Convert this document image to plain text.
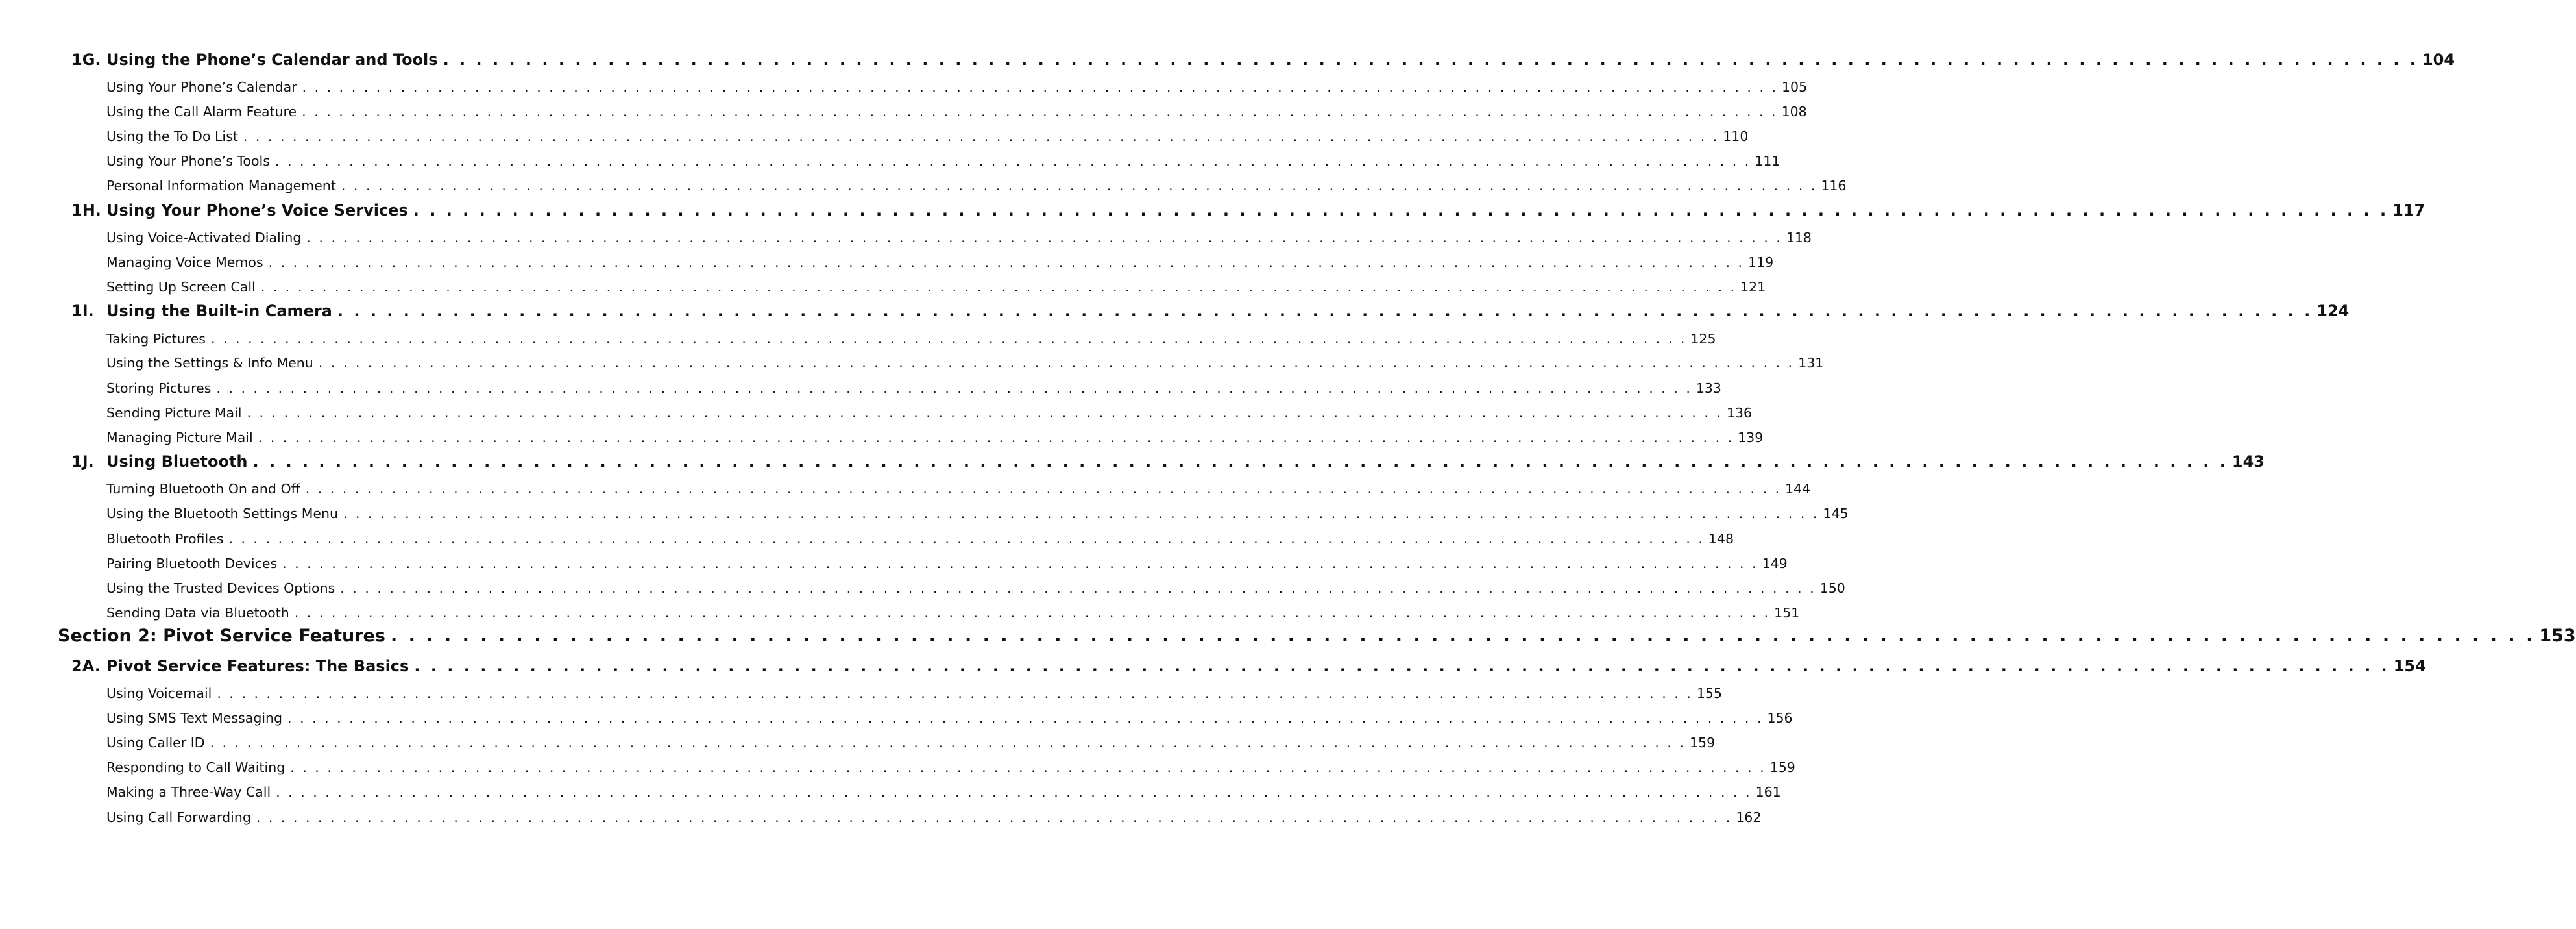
1G. Using the Phone’s Calendar and Tools . . . . . . . . . . . . . . . . . . . . . . . . . . . . . . . . . . . . . . . . . . . . . . . . . . . . . . . . . . . . . . . . . . . . . . . . . . . . . . . . . . . . . . . . . . . . . . . . . . . . . . . . . . . . . . . . . . . . . . . . 104
Using Your Phone’s Calendar . . . . . . . . . . . . . . . . . . . . . . . . . . . . . . . . . . . . . . . . . . . . . . . . . . . . . . . . . . . . . . . . . . . . . . . . . . . . . . . . . . . . . . . . . . . . . . . . . . . . . . . . . . . . . . . . . . . . . . . . 105
Using the Call Alarm Feature . . . . . . . . . . . . . . . . . . . . . . . . . . . . . . . . . . . . . . . . . . . . . . . . . . . . . . . . . . . . . . . . . . . . . . . . . . . . . . . . . . . . . . . . . . . . . . . . . . . . . . . . . . . . . . . . . . . . . . . . 108
Using the To Do List . . . . . . . . . . . . . . . . . . . . . . . . . . . . . . . . . . . . . . . . . . . . . . . . . . . . . . . . . . . . . . . . . . . . . . . . . . . . . . . . . . . . . . . . . . . . . . . . . . . . . . . . . . . . . . . . . . . . . . . . 110
Using Your Phone’s Tools . . . . . . . . . . . . . . . . . . . . . . . . . . . . . . . . . . . . . . . . . . . . . . . . . . . . . . . . . . . . . . . . . . . . . . . . . . . . . . . . . . . . . . . . . . . . . . . . . . . . . . . . . . . . . . . . . . . . . . . . 111
Personal Information Management . . . . . . . . . . . . . . . . . . . . . . . . . . . . . . . . . . . . . . . . . . . . . . . . . . . . . . . . . . . . . . . . . . . . . . . . . . . . . . . . . . . . . . . . . . . . . . . . . . . . . . . . . . . . . . . . . . . . . . . . 116
1H. Using Your Phone’s Voice Services . . . . . . . . . . . . . . . . . . . . . . . . . . . . . . . . . . . . . . . . . . . . . . . . . . . . . . . . . . . . . . . . . . . . . . . . . . . . . . . . . . . . . . . . . . . . . . . . . . . . . . . . . . . . . . . . . . . . . . . . 117
Using Voice-Activated Dialing . . . . . . . . . . . . . . . . . . . . . . . . . . . . . . . . . . . . . . . . . . . . . . . . . . . . . . . . . . . . . . . . . . . . . . . . . . . . . . . . . . . . . . . . . . . . . . . . . . . . . . . . . . . . . . . . . . . . . . . . 118
Managing Voice Memos . . . . . . . . . . . . . . . . . . . . . . . . . . . . . . . . . . . . . . . . . . . . . . . . . . . . . . . . . . . . . . . . . . . . . . . . . . . . . . . . . . . . . . . . . . . . . . . . . . . . . . . . . . . . . . . . . . . . . . . . 119
Setting Up Screen Call . . . . . . . . . . . . . . . . . . . . . . . . . . . . . . . . . . . . . . . . . . . . . . . . . . . . . . . . . . . . . . . . . . . . . . . . . . . . . . . . . . . . . . . . . . . . . . . . . . . . . . . . . . . . . . . . . . . . . . . . 121
1I. Using the Built-in Camera . . . . . . . . . . . . . . . . . . . . . . . . . . . . . . . . . . . . . . . . . . . . . . . . . . . . . . . . . . . . . . . . . . . . . . . . . . . . . . . . . . . . . . . . . . . . . . . . . . . . . . . . . . . . . . . . . . . . . . . . 124
Taking Pictures . . . . . . . . . . . . . . . . . . . . . . . . . . . . . . . . . . . . . . . . . . . . . . . . . . . . . . . . . . . . . . . . . . . . . . . . . . . . . . . . . . . . . . . . . . . . . . . . . . . . . . . . . . . . . . . . . . . . . . . . 125
Using the Settings & Info Menu . . . . . . . . . . . . . . . . . . . . . . . . . . . . . . . . . . . . . . . . . . . . . . . . . . . . . . . . . . . . . . . . . . . . . . . . . . . . . . . . . . . . . . . . . . . . . . . . . . . . . . . . . . . . . . . . . . . . . . . . 131
Storing Pictures . . . . . . . . . . . . . . . . . . . . . . . . . . . . . . . . . . . . . . . . . . . . . . . . . . . . . . . . . . . . . . . . . . . . . . . . . . . . . . . . . . . . . . . . . . . . . . . . . . . . . . . . . . . . . . . . . . . . . . . . 133
Sending Picture Mail . . . . . . . . . . . . . . . . . . . . . . . . . . . . . . . . . . . . . . . . . . . . . . . . . . . . . . . . . . . . . . . . . . . . . . . . . . . . . . . . . . . . . . . . . . . . . . . . . . . . . . . . . . . . . . . . . . . . . . . . 136
Managing Picture Mail . . . . . . . . . . . . . . . . . . . . . . . . . . . . . . . . . . . . . . . . . . . . . . . . . . . . . . . . . . . . . . . . . . . . . . . . . . . . . . . . . . . . . . . . . . . . . . . . . . . . . . . . . . . . . . . . . . . . . . . . 139
1J. Using Bluetooth . . . . . . . . . . . . . . . . . . . . . . . . . . . . . . . . . . . . . . . . . . . . . . . . . . . . . . . . . . . . . . . . . . . . . . . . . . . . . . . . . . . . . . . . . . . . . . . . . . . . . . . . . . . . . . . . . . . . . . . . 143
Turning Bluetooth On and Off . . . . . . . . . . . . . . . . . . . . . . . . . . . . . . . . . . . . . . . . . . . . . . . . . . . . . . . . . . . . . . . . . . . . . . . . . . . . . . . . . . . . . . . . . . . . . . . . . . . . . . . . . . . . . . . . . . . . . . . . 144
Using the Bluetooth Settings Menu . . . . . . . . . . . . . . . . . . . . . . . . . . . . . . . . . . . . . . . . . . . . . . . . . . . . . . . . . . . . . . . . . . . . . . . . . . . . . . . . . . . . . . . . . . . . . . . . . . . . . . . . . . . . . . . . . . . . . . . . 145
Bluetooth Profiles . . . . . . . . . . . . . . . . . . . . . . . . . . . . . . . . . . . . . . . . . . . . . . . . . . . . . . . . . . . . . . . . . . . . . . . . . . . . . . . . . . . . . . . . . . . . . . . . . . . . . . . . . . . . . . . . . . . . . . . . 148
Pairing Bluetooth Devices . . . . . . . . . . . . . . . . . . . . . . . . . . . . . . . . . . . . . . . . . . . . . . . . . . . . . . . . . . . . . . . . . . . . . . . . . . . . . . . . . . . . . . . . . . . . . . . . . . . . . . . . . . . . . . . . . . . . . . . . 149
Using the Trusted Devices Options . . . . . . . . . . . . . . . . . . . . . . . . . . . . . . . . . . . . . . . . . . . . . . . . . . . . . . . . . . . . . . . . . . . . . . . . . . . . . . . . . . . . . . . . . . . . . . . . . . . . . . . . . . . . . . . . . . . . . . . . 150
Sending Data via Bluetooth . . . . . . . . . . . . . . . . . . . . . . . . . . . . . . . . . . . . . . . . . . . . . . . . . . . . . . . . . . . . . . . . . . . . . . . . . . . . . . . . . . . . . . . . . . . . . . . . . . . . . . . . . . . . . . . . . . . . . . . . 151
Section 2: Pivot Service Features . . . . . . . . . . . . . . . . . . . . . . . . . . . . . . . . . . . . . . . . . . . . . . . . . . . . . . . . . . . . . . . . . . . . . . . . . . . . . . . . . . . . . . . . . . . . . . . . . . . . . . . . . . . . . . . . . . . . . . . . 153
2A. Pivot Service Features: The Basics . . . . . . . . . . . . . . . . . . . . . . . . . . . . . . . . . . . . . . . . . . . . . . . . . . . . . . . . . . . . . . . . . . . . . . . . . . . . . . . . . . . . . . . . . . . . . . . . . . . . . . . . . . . . . . . . . . . . . . . . 154
Using Voicemail . . . . . . . . . . . . . . . . . . . . . . . . . . . . . . . . . . . . . . . . . . . . . . . . . . . . . . . . . . . . . . . . . . . . . . . . . . . . . . . . . . . . . . . . . . . . . . . . . . . . . . . . . . . . . . . . . . . . . . . . 155
Using SMS Text Messaging . . . . . . . . . . . . . . . . . . . . . . . . . . . . . . . . . . . . . . . . . . . . . . . . . . . . . . . . . . . . . . . . . . . . . . . . . . . . . . . . . . . . . . . . . . . . . . . . . . . . . . . . . . . . . . . . . . . . . . . . 156
Using Caller ID . . . . . . . . . . . . . . . . . . . . . . . . . . . . . . . . . . . . . . . . . . . . . . . . . . . . . . . . . . . . . . . . . . . . . . . . . . . . . . . . . . . . . . . . . . . . . . . . . . . . . . . . . . . . . . . . . . . . . . . . 159
Responding to Call Waiting . . . . . . . . . . . . . . . . . . . . . . . . . . . . . . . . . . . . . . . . . . . . . . . . . . . . . . . . . . . . . . . . . . . . . . . . . . . . . . . . . . . . . . . . . . . . . . . . . . . . . . . . . . . . . . . . . . . . . . . . 159
Making a Three-Way Call . . . . . . . . . . . . . . . . . . . . . . . . . . . . . . . . . . . . . . . . . . . . . . . . . . . . . . . . . . . . . . . . . . . . . . . . . . . . . . . . . . . . . . . . . . . . . . . . . . . . . . . . . . . . . . . . . . . . . . . . 161
Using Call Forwarding . . . . . . . . . . . . . . . . . . . . . . . . . . . . . . . . . . . . . . . . . . . . . . . . . . . . . . . . . . . . . . . . . . . . . . . . . . . . . . . . . . . . . . . . . . . . . . . . . . . . . . . . . . . . . . . . . . . . . . . . 162
